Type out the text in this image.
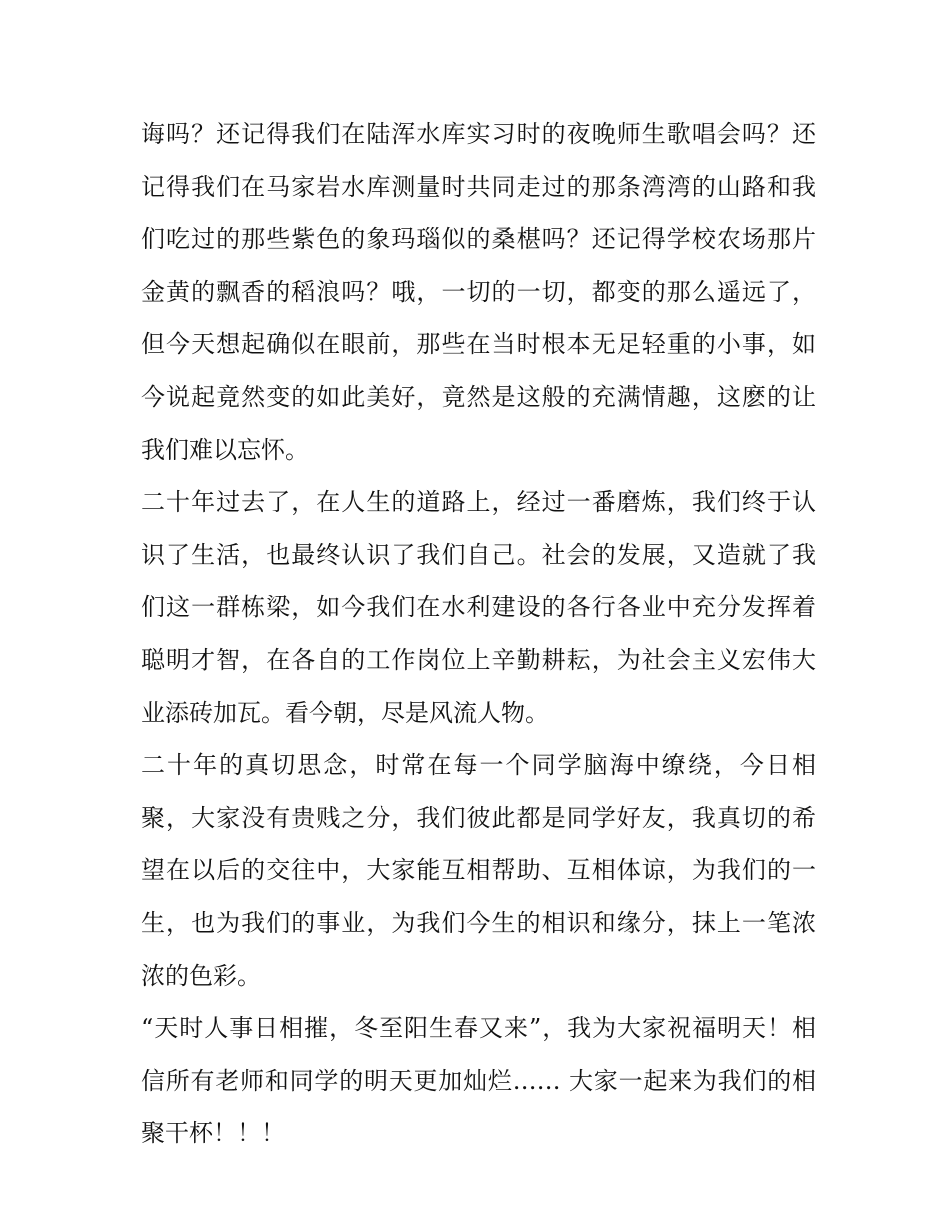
诲吗？还记得我们在陆浑水库实习时的夜晚师生歌唱会吗？还
记得我们在马家岩水库测量时共同走过的那条湾湾的山路和我
们吃过的那些紫色的象玛瑙似的桑椹吗？还记得学校农场那片
金黄的飘香的稻浪吗？哦，一切的一切，都变的那么遥远了，
但今天想起确似在眼前，那些在当时根本无足轻重的小事，如
今说起竟然变的如此美好，竟然是这般的充满情趣，这麽的让
我们难以忘怀。
二十年过去了，在人生的道路上，经过一番磨炼，我们终于认
识了生活，也最终认识了我们自己。社会的发展，又造就了我
们这一群栋梁，如今我们在水利建设的各行各业中充分发挥着
聪明才智，在各自的工作岗位上辛勤耕耘，为社会主义宏伟大
业添砖加瓦。看今朝，尽是风流人物。
二十年的真切思念，时常在每一个同学脑海中缭绕，今日相
聚，大家没有贵贱之分，我们彼此都是同学好友，我真切的希
望在以后的交往中，大家能互相帮助、互相体谅，为我们的一
生，也为我们的事业，为我们今生的相识和缘分，抹上一笔浓
浓的色彩。
“天时人事日相摧，冬至阳生春又来”，我为大家祝福明天！相
信所有老师和同学的明天更加灿烂…… 大家一起来为我们的相
聚干杯！！！
